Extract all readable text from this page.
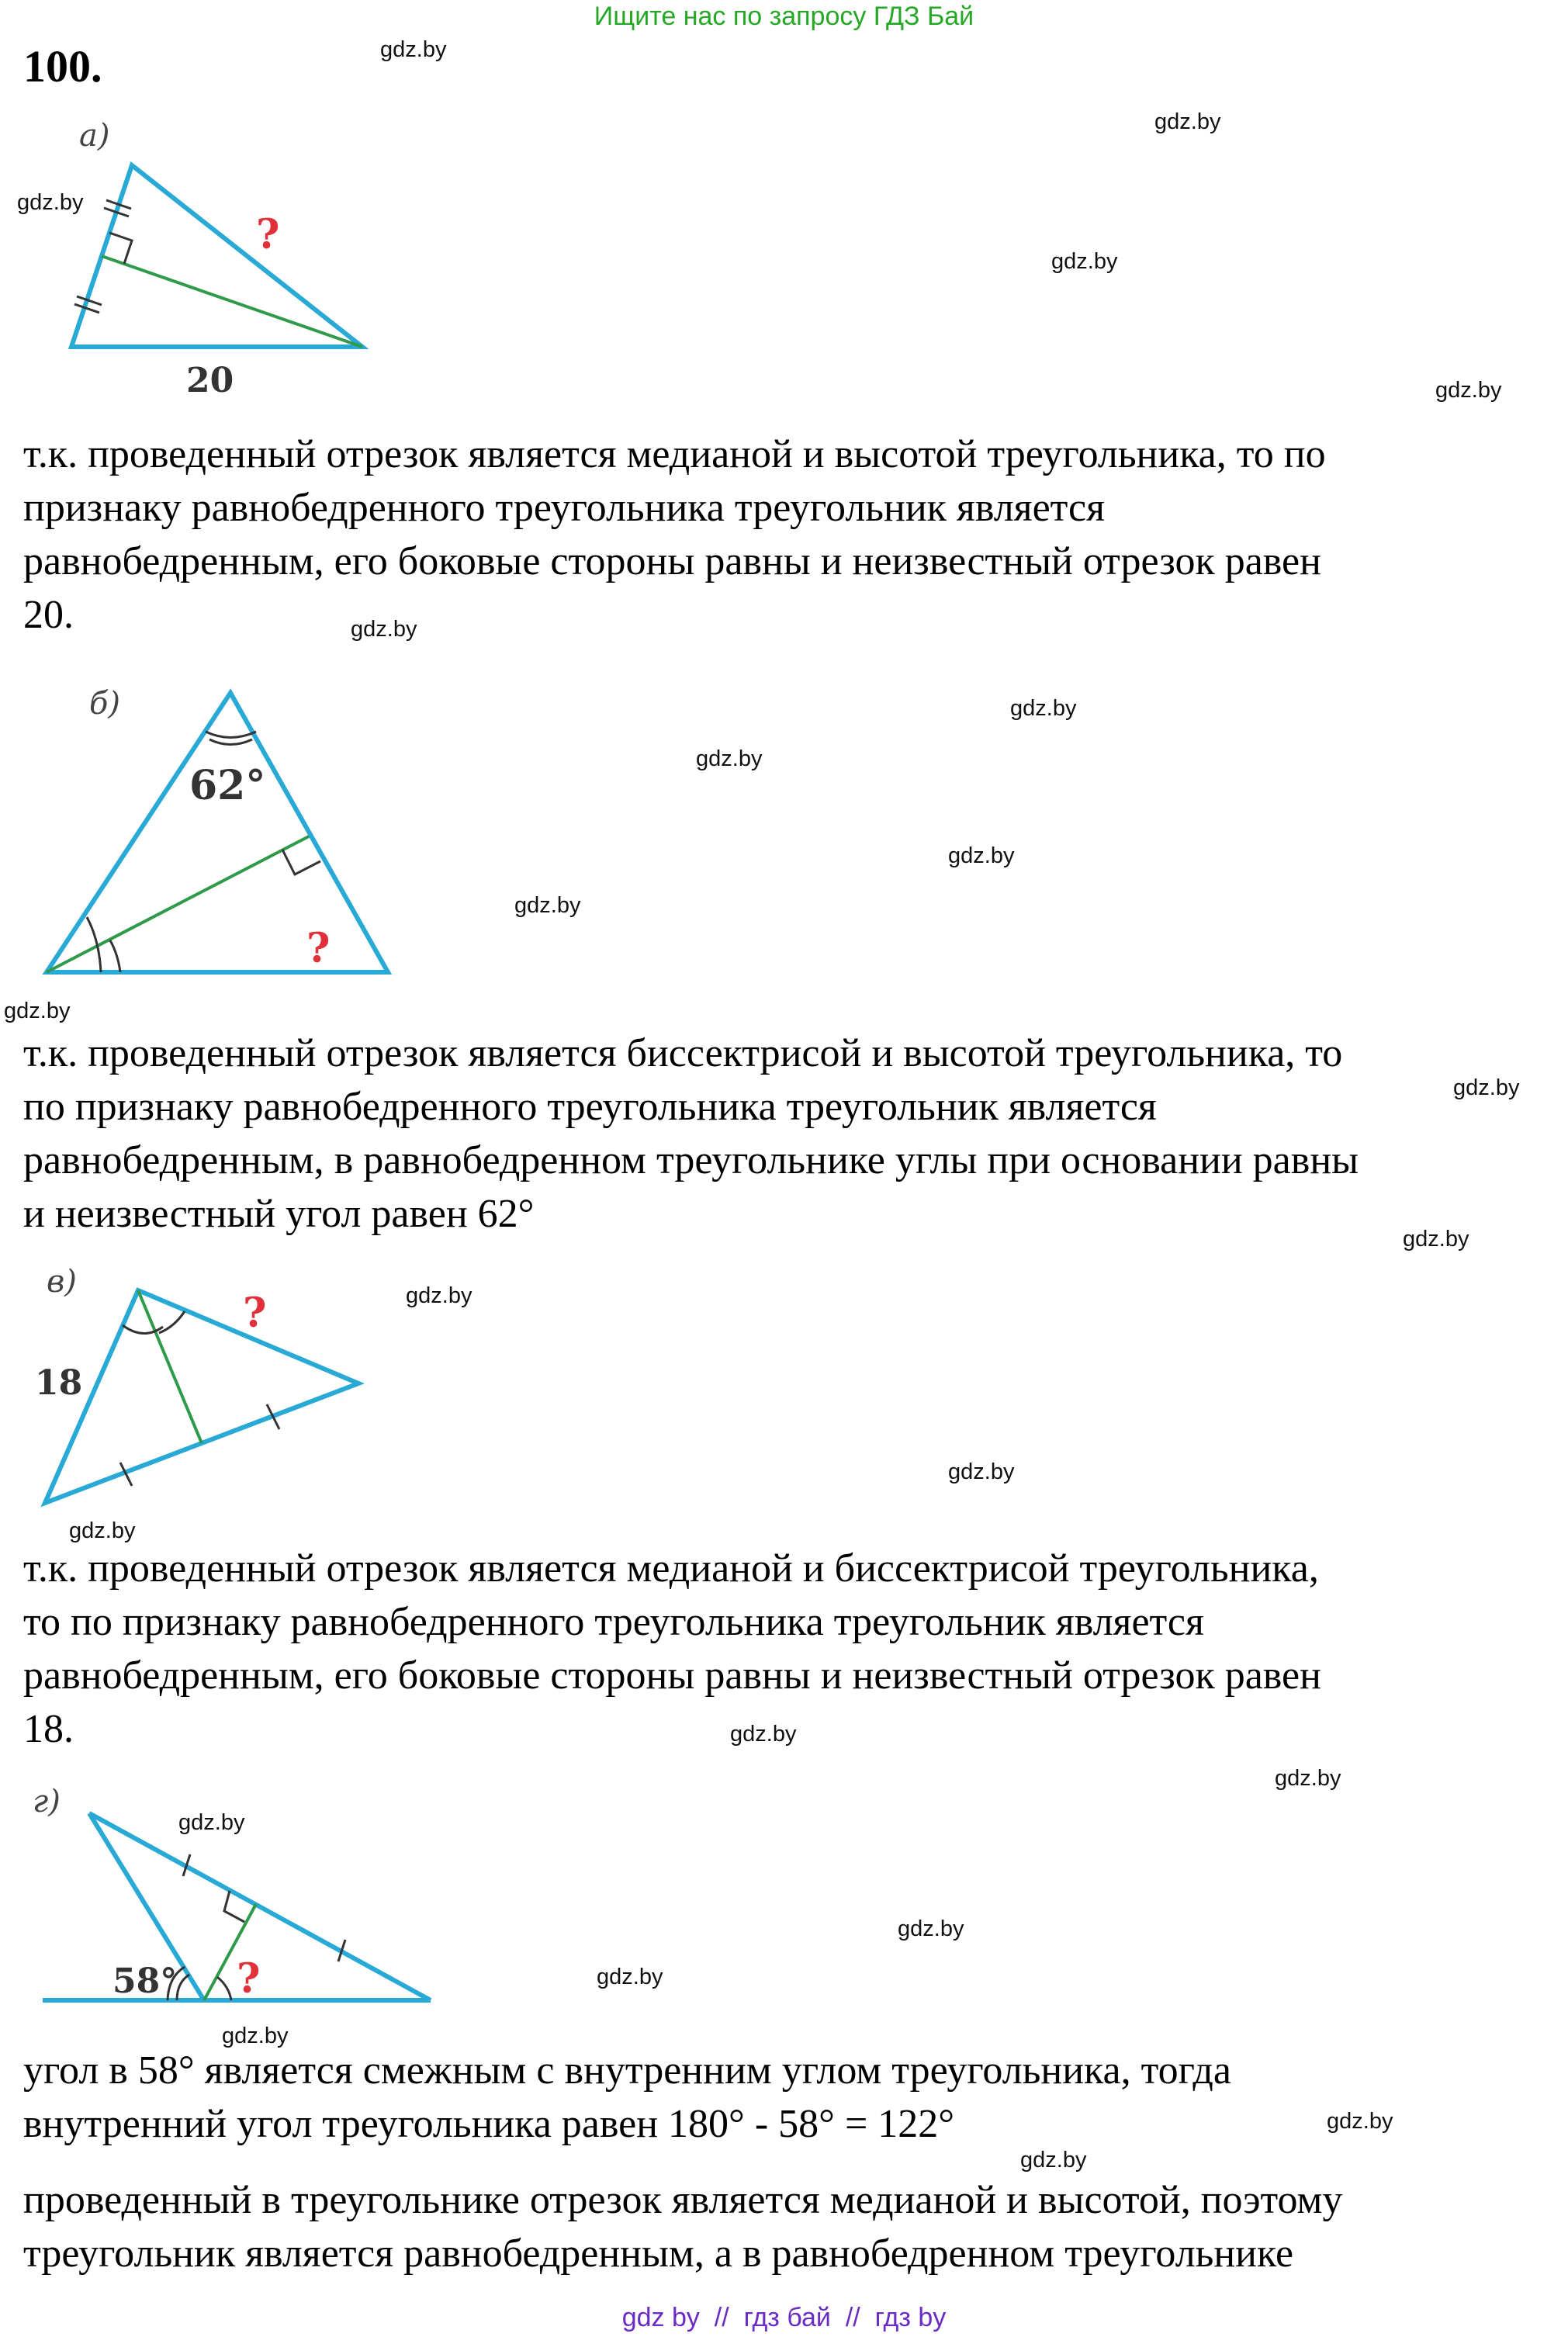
Ищите нас по запросу ГДЗ Бай
100.	gdz.by
gdz.by
gdz.by
gdz.by
gdz.by
gdz.by
gdz.by
gdz.by
gdz.by
gdz.by
gdz.by
gdz.by
gdz.by
gdz.by
gdz.by
gdz.by
gdz.by
gdz.by
gdz.by
gdz.by
gdz.by
gdz.by
gdz.by
gdz.by
а)
?
20
т.к. проведенный отрезок является медианой и высотой треугольника, то по
признаку равнобедренного треугольника треугольник является
равнобедренным, его боковые стороны равны и неизвестный отрезок равен
20.
б)
62°
?
т.к. проведенный отрезок является биссектрисой и высотой треугольника, то
по признаку равнобедренного треугольника треугольник является
равнобедренным, в равнобедренном треугольнике углы при основании равны
и неизвестный угол равен 62°
в)
18
?
т.к. проведенный отрезок является медианой и биссектрисой треугольника,
то по признаку равнобедренного треугольника треугольник является
равнобедренным, его боковые стороны равны и неизвестный отрезок равен
18.
г)
58° ?
угол в 58° является смежным с внутренним углом треугольника, тогда
внутренний угол треугольника равен 180° - 58° = 122°
проведенный в треугольнике отрезок является медианой и высотой, поэтому
треугольник является равнобедренным, а в равнобедренном треугольнике
gdz by  //  гдз бай  //  гдз by
